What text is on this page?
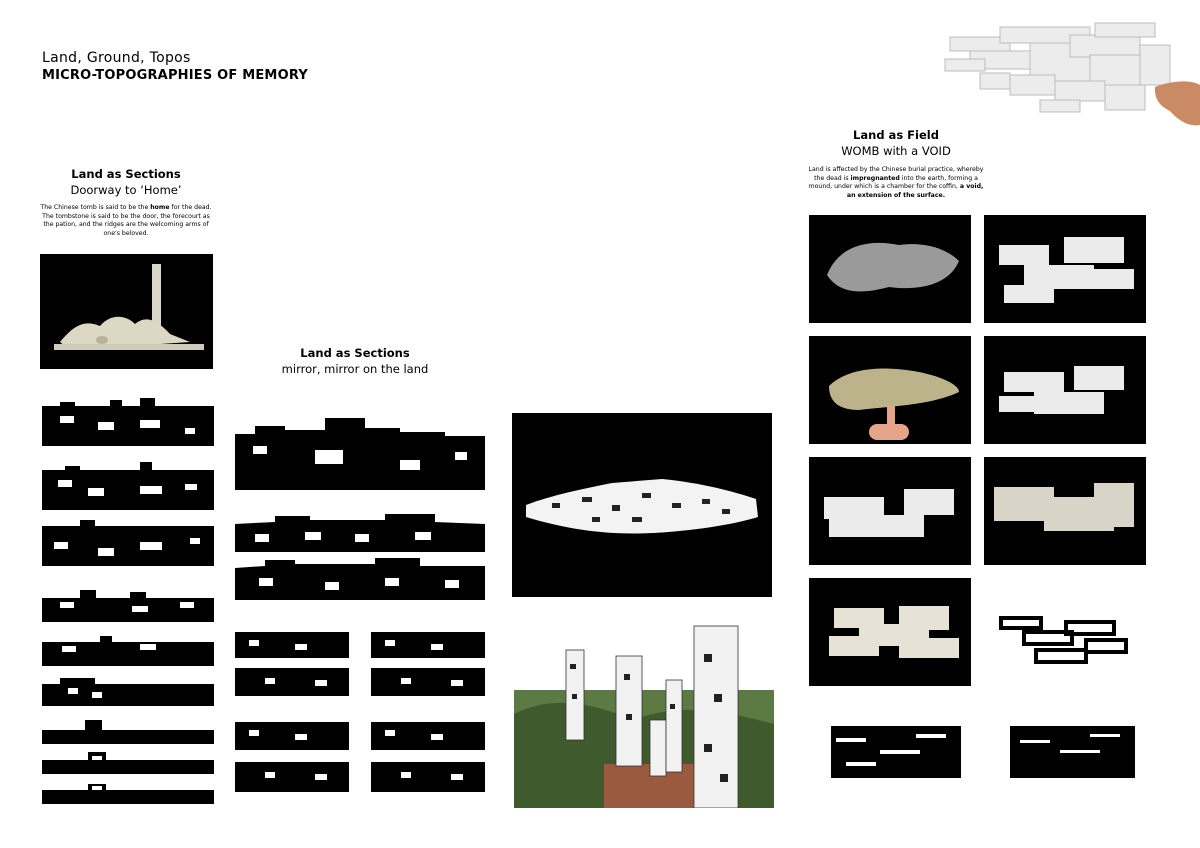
Land, Ground, Topos
MICRO-TOPOGRAPHIES OF MEMORY
Land as Sections
Doorway to ‘Home’
The Chinese tomb is said to be the home for the dead. The tombstone is said to be the door, the forecourt as the pation, and the ridges are the welcoming arms of one's beloved.
Land as Sections
mirror, mirror on the land
Land as Field
WOMB with a VOID
Land is affected by the Chinese burial practice, whereby the dead is impregnanted into the earth, forming a mound, under which is a chamber for the coffin, a void, an extension of the surface.
